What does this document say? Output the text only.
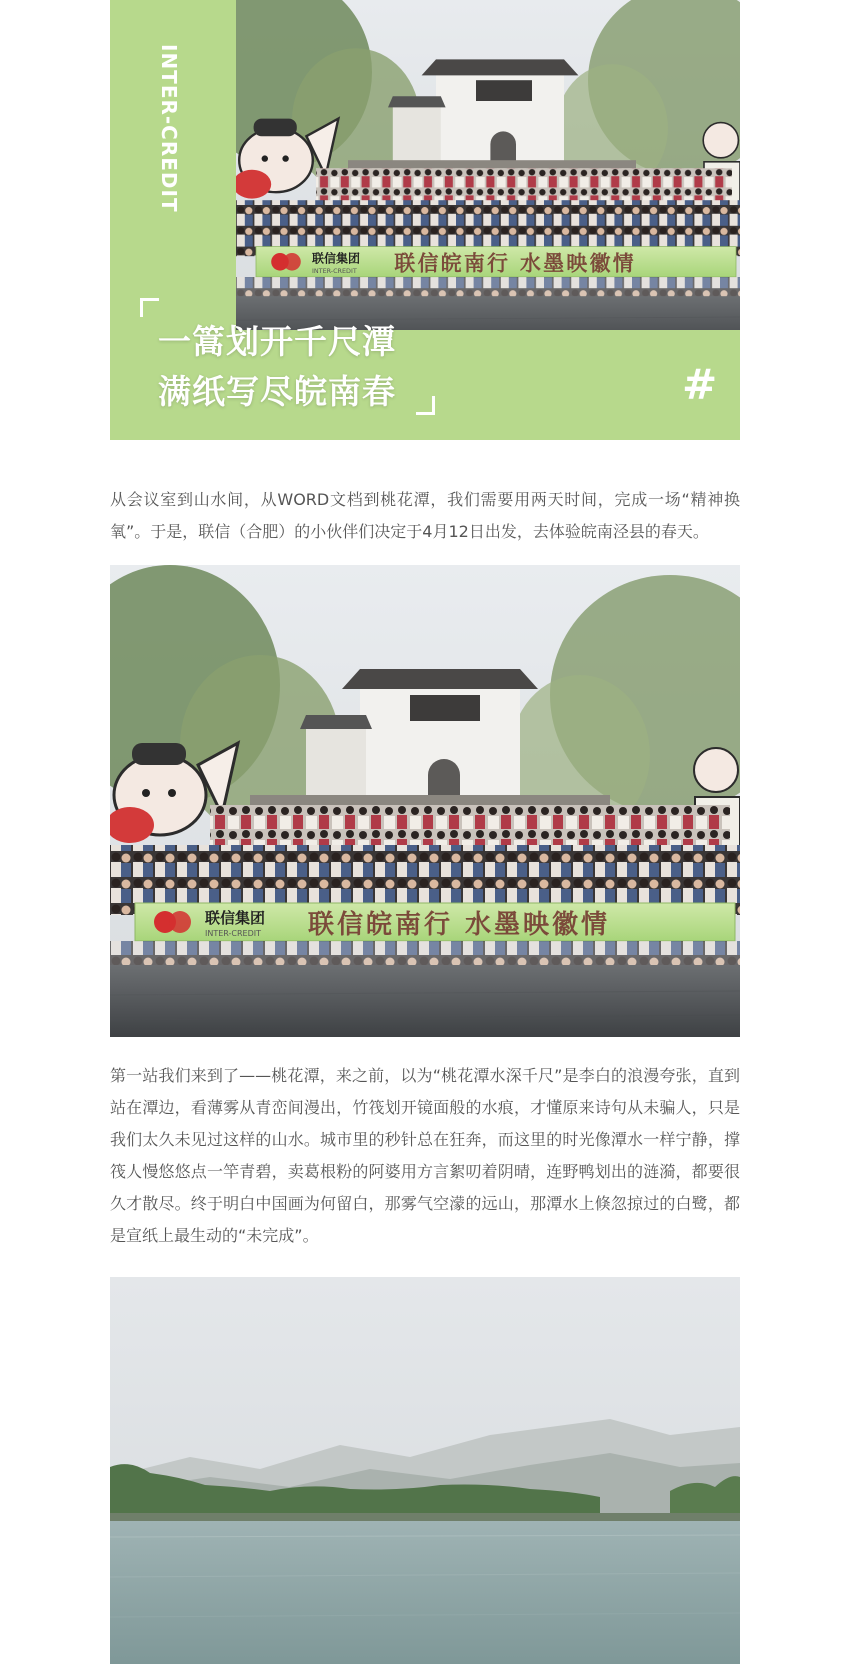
INTER-CREDIT
一篙划开千尺潭
满纸写尽皖南春	#

从会议室到山水间，从WORD文档到桃花潭，我们需要用两天时间，完成一场“精神换氧”。于是，联信（合肥）的小伙伴们决定于4月12日出发，去体验皖南泾县的春天。

联信集团
INTER-CREDIT 联信皖南行 水墨映徽情

第一站我们来到了——桃花潭，来之前，以为“桃花潭水深千尺”是李白的浪漫夸张，直到站在潭边，看薄雾从青峦间漫出，竹筏划开镜面般的水痕，才懂原来诗句从未骗人，只是我们太久未见过这样的山水。城市里的秒针总在狂奔，而这里的时光像潭水一样宁静，撑筏人慢悠悠点一竿青碧，卖葛根粉的阿婆用方言絮叨着阴晴，连野鸭划出的涟漪，都要很久才散尽。终于明白中国画为何留白，那雾气空濛的远山，那潭水上倏忽掠过的白鹭，都是宣纸上最生动的“未完成”。
